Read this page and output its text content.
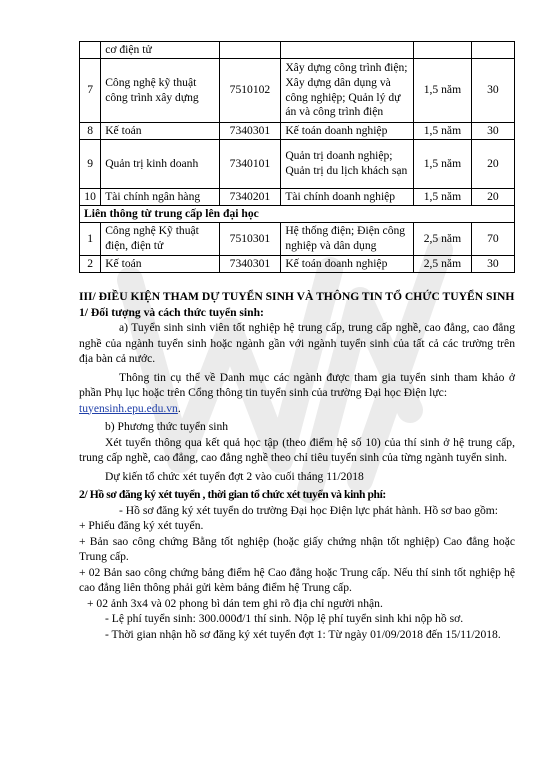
	cơ điện tử				
7	Công nghệ kỹ thuật công trình xây dựng	7510102	Xây dựng công trình điện; Xây dựng dân dụng và công nghiệp; Quản lý dự án và công trình điện	1,5 năm	30
8	Kế toán	7340301	Kế toán doanh nghiệp	1,5 năm	30
9	Quản trị kinh doanh	7340101	Quản trị doanh nghiệp; Quản trị du lịch khách sạn	1,5 năm	20
10	Tài chính ngân hàng	7340201	Tài chính doanh nghiệp	1,5 năm	20
Liên thông từ trung cấp lên đại học					
1	Công nghệ Kỹ thuật điện, điện tử	7510301	Hệ thống điện; Điện công nghiệp và dân dụng	2,5 năm	70
2	Kế toán	7340301	Kế toán doanh nghiệp	2,5 năm	30

III/ ĐIỀU KIỆN THAM DỰ TUYỂN SINH VÀ THÔNG TIN TỔ CHỨC TUYỂN SINH

1/ Đối tượng và cách thức tuyển sinh:

a) Tuyển sinh sinh viên tốt nghiệp hệ trung cấp, trung cấp nghề, cao đẳng, cao đẳng nghề của ngành tuyển sinh hoặc ngành gần với ngành tuyển sinh của tất cả các trường trên địa bàn cả nước.

Thông tin cụ thể về Danh mục các ngành được tham gia tuyển sinh tham khảo ở phần Phụ lục hoặc trên Cổng thông tin tuyển sinh của trường Đại học Điện lực:

tuyensinh.epu.edu.vn.

b) Phương thức tuyển sinh

Xét tuyển thông qua kết quả học tập (theo điểm hệ số 10) của thí sinh ở hệ trung cấp, trung cấp nghề, cao đẳng, cao đẳng nghề theo chỉ tiêu tuyển sinh của từng ngành tuyển sinh.

Dự kiến tổ chức xét tuyển đợt 2 vào cuối tháng 11/2018

2/ Hồ sơ đăng ký xét tuyển , thời gian tổ chức xét tuyển và kinh phí:

- Hồ sơ đăng ký xét tuyển do trường Đại học Điện lực phát hành. Hồ sơ bao gồm:

+ Phiếu đăng ký xét tuyển.

+ Bản sao công chứng Bằng tốt nghiệp (hoặc giấy chứng nhận tốt nghiệp) Cao đẳng hoặc Trung cấp.

+ 02 Bản sao công chứng bảng điểm hệ Cao đẳng hoặc Trung cấp. Nếu thí sinh tốt nghiệp hệ cao đẳng liên thông phải gửi kèm bảng điểm hệ Trung cấp.

+ 02 ảnh 3x4 và 02 phong bì dán tem ghi rõ địa chỉ người nhận.

- Lệ phí tuyển sinh: 300.000đ/1 thí sinh. Nộp lệ phí tuyển sinh khi nộp hồ sơ.

- Thời gian nhận hồ sơ đăng ký xét tuyển đợt 1: Từ ngày 01/09/2018 đến 15/11/2018.
